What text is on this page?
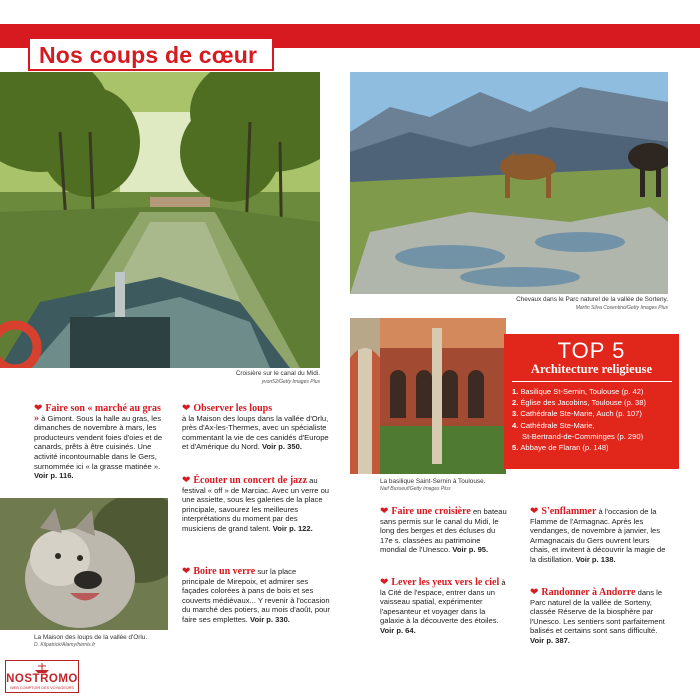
Nos coups de cœur	NOS PLUS BEAUX SOUVENIRS DE VOYAGE	13
Croisière sur le canal du Midi.
yvon52/Getty Images Plus
Chevaux dans le Parc naturel de la vallée de Sorteny.
Martin Silva Cosentino/Getty Images Plus
La basilique Saint-Sernin à Toulouse.
Naif Busseuf/Getty Images Plus
TOP 5
Architecture religieuse
1. Basilique St-Sernin, Toulouse (p. 42)
2. Église des Jacobins, Toulouse (p. 38)
3. Cathédrale Ste-Marie, Auch (p. 107)
4. Cathédrale Ste-Marie,
St-Bertrand-de-Comminges (p. 290)
5. Abbaye de Flaran (p. 148)
❤ Faire son « marché au gras » à Gimont. Sous la halle au gras, les dimanches de novembre à mars, les producteurs vendent foies d'oies et de canards, prêts à être cuisinés. Une activité incontournable dans le Gers, surnommée ici « la grasse matinée ». Voir p. 116.
La Maison des loups de la vallée d'Orlu.
D. Kilpatrick/Alamy/hemis.fr
❤ Observer les loups
à la Maison des loups dans la vallée d'Orlu, près d'Ax-les-Thermes, avec un spécialiste commentant la vie de ces canidés d'Europe et d'Amérique du Nord. Voir p. 350.
❤ Écouter un concert de jazz au festival « off » de Marciac. Avec un verre ou une assiette, sous les galeries de la place principale, savourez les meilleures interprétations du moment par des musiciens de grand talent. Voir p. 122.
❤ Boire un verre sur la place principale de Mirepoix, et admirer ses façades colorées à pans de bois et ses couverts médiévaux... Y revenir à l'occasion du marché des potiers, au mois d'août, pour faire ses emplettes. Voir p. 330.
❤ Faire une croisière en bateau sans permis sur le canal du Midi, le long des berges et des écluses du 17e s. classées au patrimoine mondial de l'Unesco. Voir p. 95.
❤ Lever les yeux vers le ciel à la Cité de l'espace, entrer dans un vaisseau spatial, expérimenter l'apesanteur et voyager dans la galaxie à la découverte des étoiles. Voir p. 64.
❤ S'enflammer à l'occasion de la Flamme de l'Armagnac. Après les vendanges, de novembre à janvier, les Armagnacais du Gers ouvrent leurs chais, et invitent à découvrir la magie de la distillation. Voir p. 138.
❤ Randonner à Andorre dans le Parc naturel de la vallée de Sorteny, classée Réserve de la biosphère par l'Unesco. Les sentiers sont parfaitement balisés et certains sont sans difficulté. Voir p. 387.
NOSTROMO
WEB COMPTOIR DES VOYAGEURS
